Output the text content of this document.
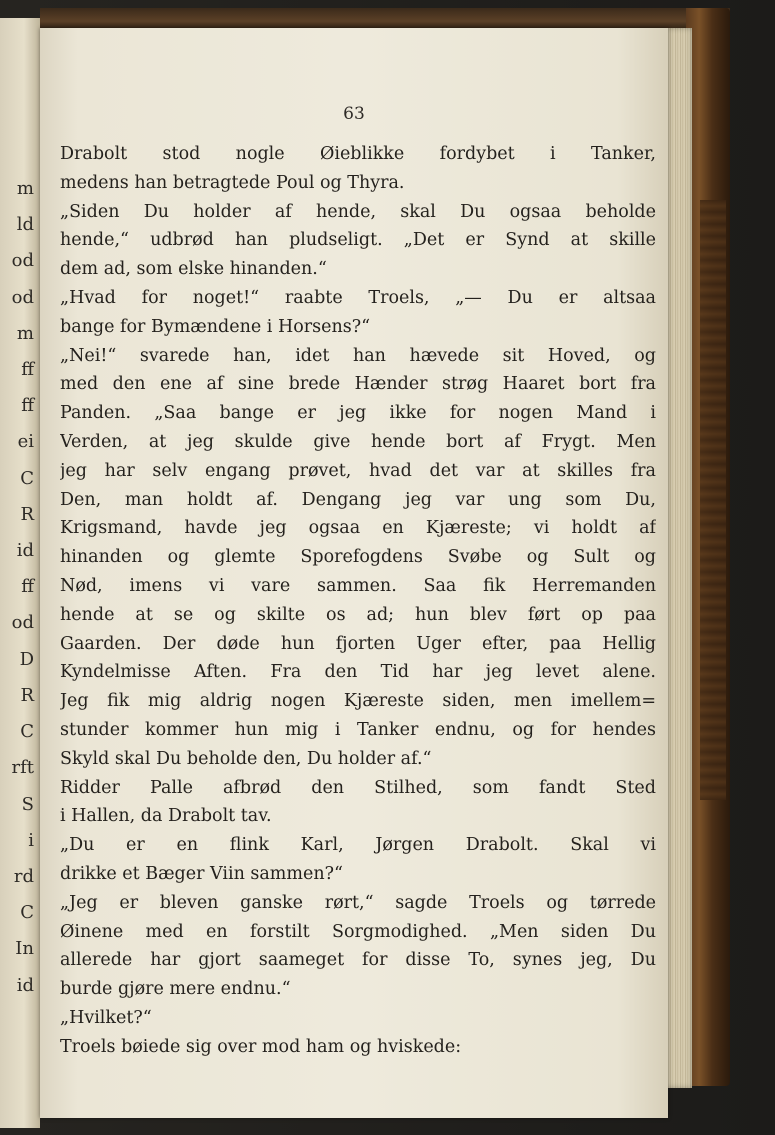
m
ld
od
od
m
ff
ff
ei
C
R
id
ff
od
D
R
C
rft
S
i
rd
C
In
id
63
Drabolt stod nogle Øieblikke fordybet i Tanker,
medens han betragtede Poul og Thyra.
„Siden Du holder af hende, skal Du ogsaa beholde
hende,“ udbrød han pludseligt. „Det er Synd at skille
dem ad, som elske hinanden.“
„Hvad for noget!“ raabte Troels, „— Du er altsaa
bange for Bymændene i Horsens?“
„Nei!“ svarede han, idet han hævede sit Hoved, og
med den ene af sine brede Hænder strøg Haaret bort fra
Panden. „Saa bange er jeg ikke for nogen Mand i
Verden, at jeg skulde give hende bort af Frygt. Men
jeg har selv engang prøvet, hvad det var at skilles fra
Den, man holdt af. Dengang jeg var ung som Du,
Krigsmand, havde jeg ogsaa en Kjæreste; vi holdt af
hinanden og glemte Sporefogdens Svøbe og Sult og
Nød, imens vi vare sammen. Saa fik Herremanden
hende at se og skilte os ad; hun blev ført op paa
Gaarden. Der døde hun fjorten Uger efter, paa Hellig
Kyndelmisse Aften. Fra den Tid har jeg levet alene.
Jeg fik mig aldrig nogen Kjæreste siden, men imellem=
stunder kommer hun mig i Tanker endnu, og for hendes
Skyld skal Du beholde den, Du holder af.“
Ridder Palle afbrød den Stilhed, som fandt Sted
i Hallen, da Drabolt tav.
„Du er en flink Karl, Jørgen Drabolt. Skal vi
drikke et Bæger Viin sammen?“
„Jeg er bleven ganske rørt,“ sagde Troels og tørrede
Øinene med en forstilt Sorgmodighed. „Men siden Du
allerede har gjort saameget for disse To, synes jeg, Du
burde gjøre mere endnu.“
„Hvilket?“
Troels bøiede sig over mod ham og hviskede:
